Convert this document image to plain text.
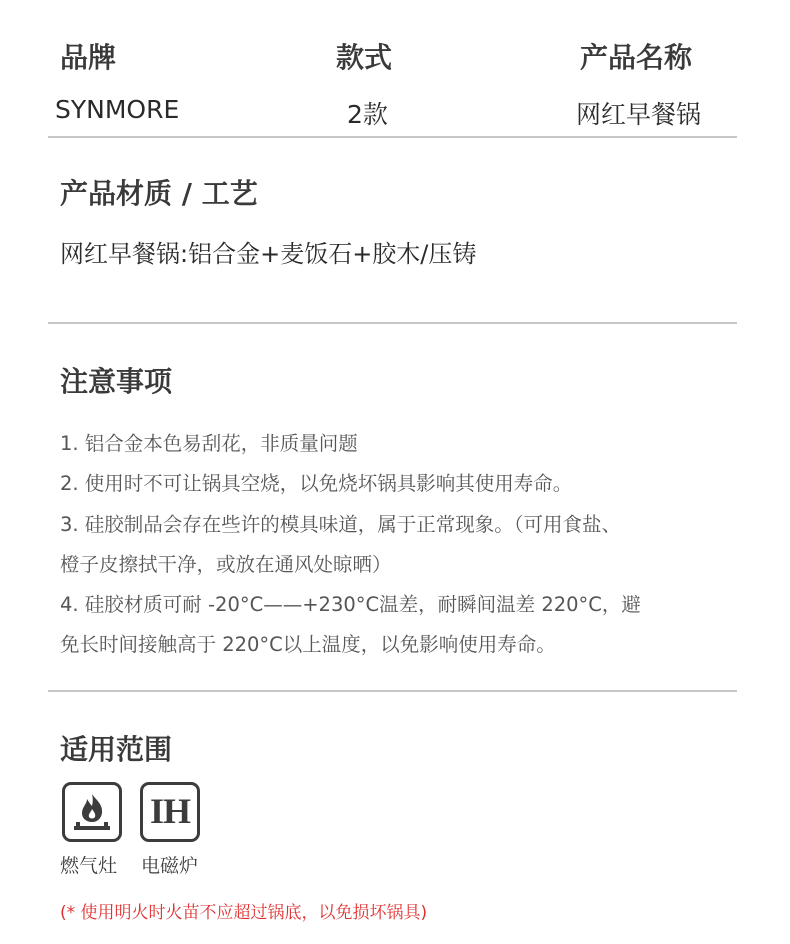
品牌	款式	产品名称
SYNMORE	2款	网红早餐锅
产品材质 / 工艺
网红早餐锅:铝合金+麦饭石+胶木/压铸
注意事项
1. 铝合金本色易刮花，非质量问题
2. 使用时不可让锅具空烧，以免烧坏锅具影响其使用寿命。
3. 硅胶制品会存在些许的模具味道，属于正常现象。（可用食盐、
橙子皮擦拭干净，或放在通风处晾晒）
4. 硅胶材质可耐 -20°C——+230°C温差，耐瞬间温差 220°C，避
免长时间接触高于 220°C以上温度，以免影响使用寿命。
适用范围
IH
燃气灶 电磁炉
(* 使用明火时火苗不应超过锅底，以免损坏锅具)
